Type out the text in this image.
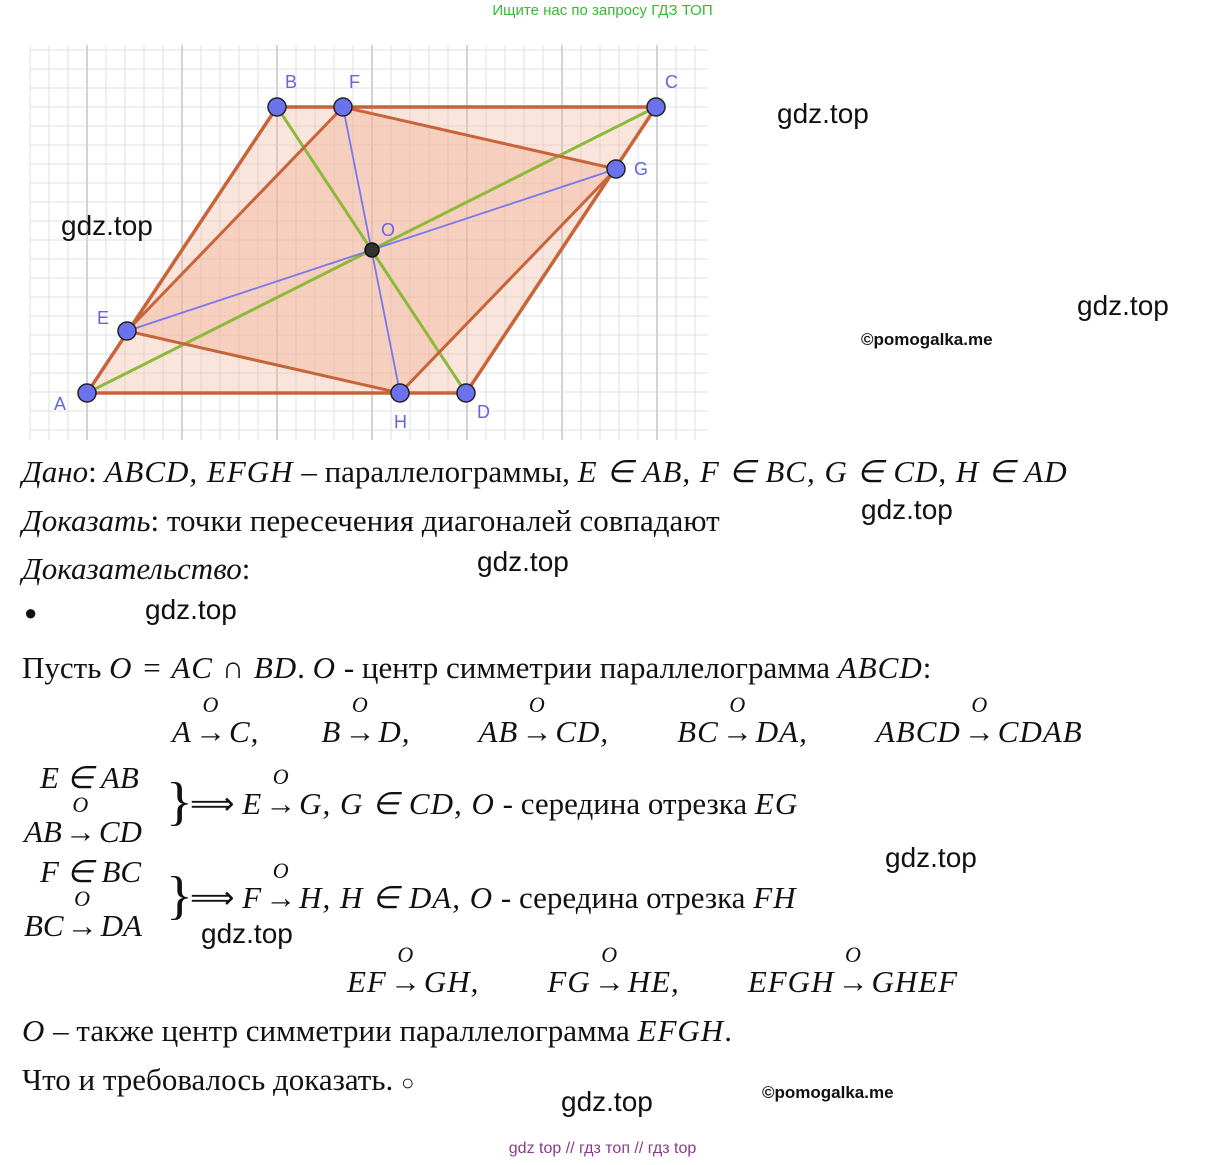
Ищите нас по запросу ГДЗ ТОП
A
B	C
D
E
F
G
H
O
gdz.top
gdz.top
gdz.top
©pomogalka.me
gdz.top
gdz.top
gdz.top
gdz.top
gdz.top
gdz.top	©pomogalka.me
Дано: ABCD, EFGH – параллелограммы, E ∈ AB, F ∈ BC, G ∈ CD, H ∈ AD
Доказать: точки пересечения диагоналей совпадают
Доказательство:
●
Пусть O = AC ∩ BD. O - центр симметрии параллелограмма ABCD:
A
O
→C, B
O
→D, AB
O
→CD, BC
O
→DA, ABCD
O
→CDAB
E ∈ AB
AB
O
→CD
}
⟹ E
O
→G, G ∈ CD, O - середина отрезка EG
F ∈ BC
BC
O
→DA
}
⟹ F
O
→H, H ∈ DA, O - середина отрезка FH
EF
O
→GH, FG
O
→HE, EFGH
O
→GHEF
O – также центр симметрии параллелограмма EFGH.
Что и требовалось доказать. ○
gdz top // гдз топ // гдз top
